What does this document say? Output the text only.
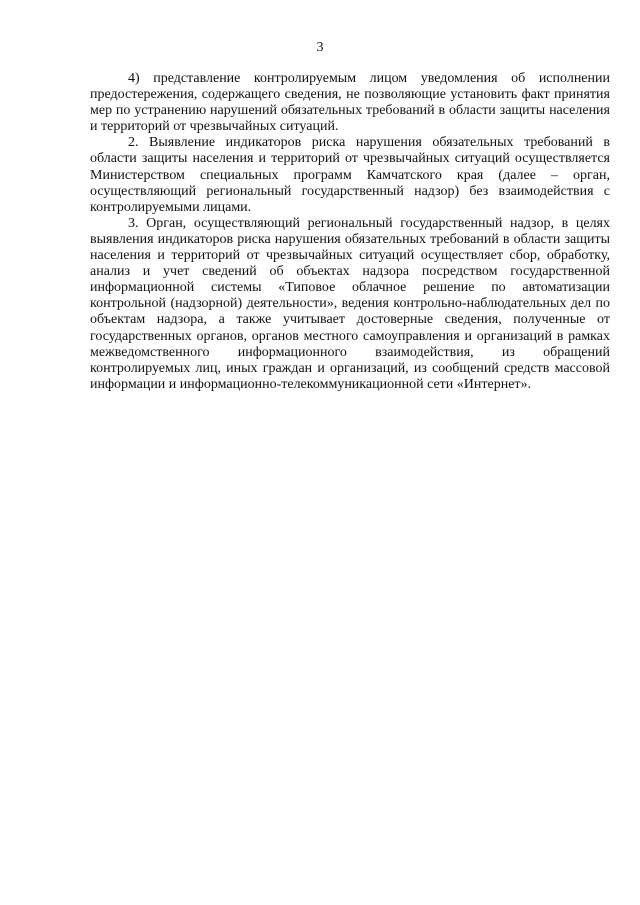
3

4) представление контролируемым лицом уведомления об исполнении предостережения, содержащего сведения, не позволяющие установить факт принятия мер по устранению нарушений обязательных требований в области защиты населения и территорий от чрезвычайных ситуаций.

2. Выявление индикаторов риска нарушения обязательных требований в области защиты населения и территорий от чрезвычайных ситуаций осуществляется Министерством специальных программ Камчатского края (далее – орган, осуществляющий региональный государственный надзор) без взаимодействия с контролируемыми лицами.

3. Орган, осуществляющий региональный государственный надзор, в целях выявления индикаторов риска нарушения обязательных требований в области защиты населения и территорий от чрезвычайных ситуаций осуществляет сбор, обработку, анализ и учет сведений об объектах надзора посредством государственной информационной системы «Типовое облачное решение по автоматизации контрольной (надзорной) деятельности», ведения контрольно-наблюдательных дел по объектам надзора, а также учитывает достоверные сведения, полученные от государственных органов, органов местного самоуправления и организаций в рамках межведомственного информационного взаимодействия, из обращений контролируемых лиц, иных граждан и организаций, из сообщений средств массовой информации и информационно-телекоммуникационной сети «Интернет».
